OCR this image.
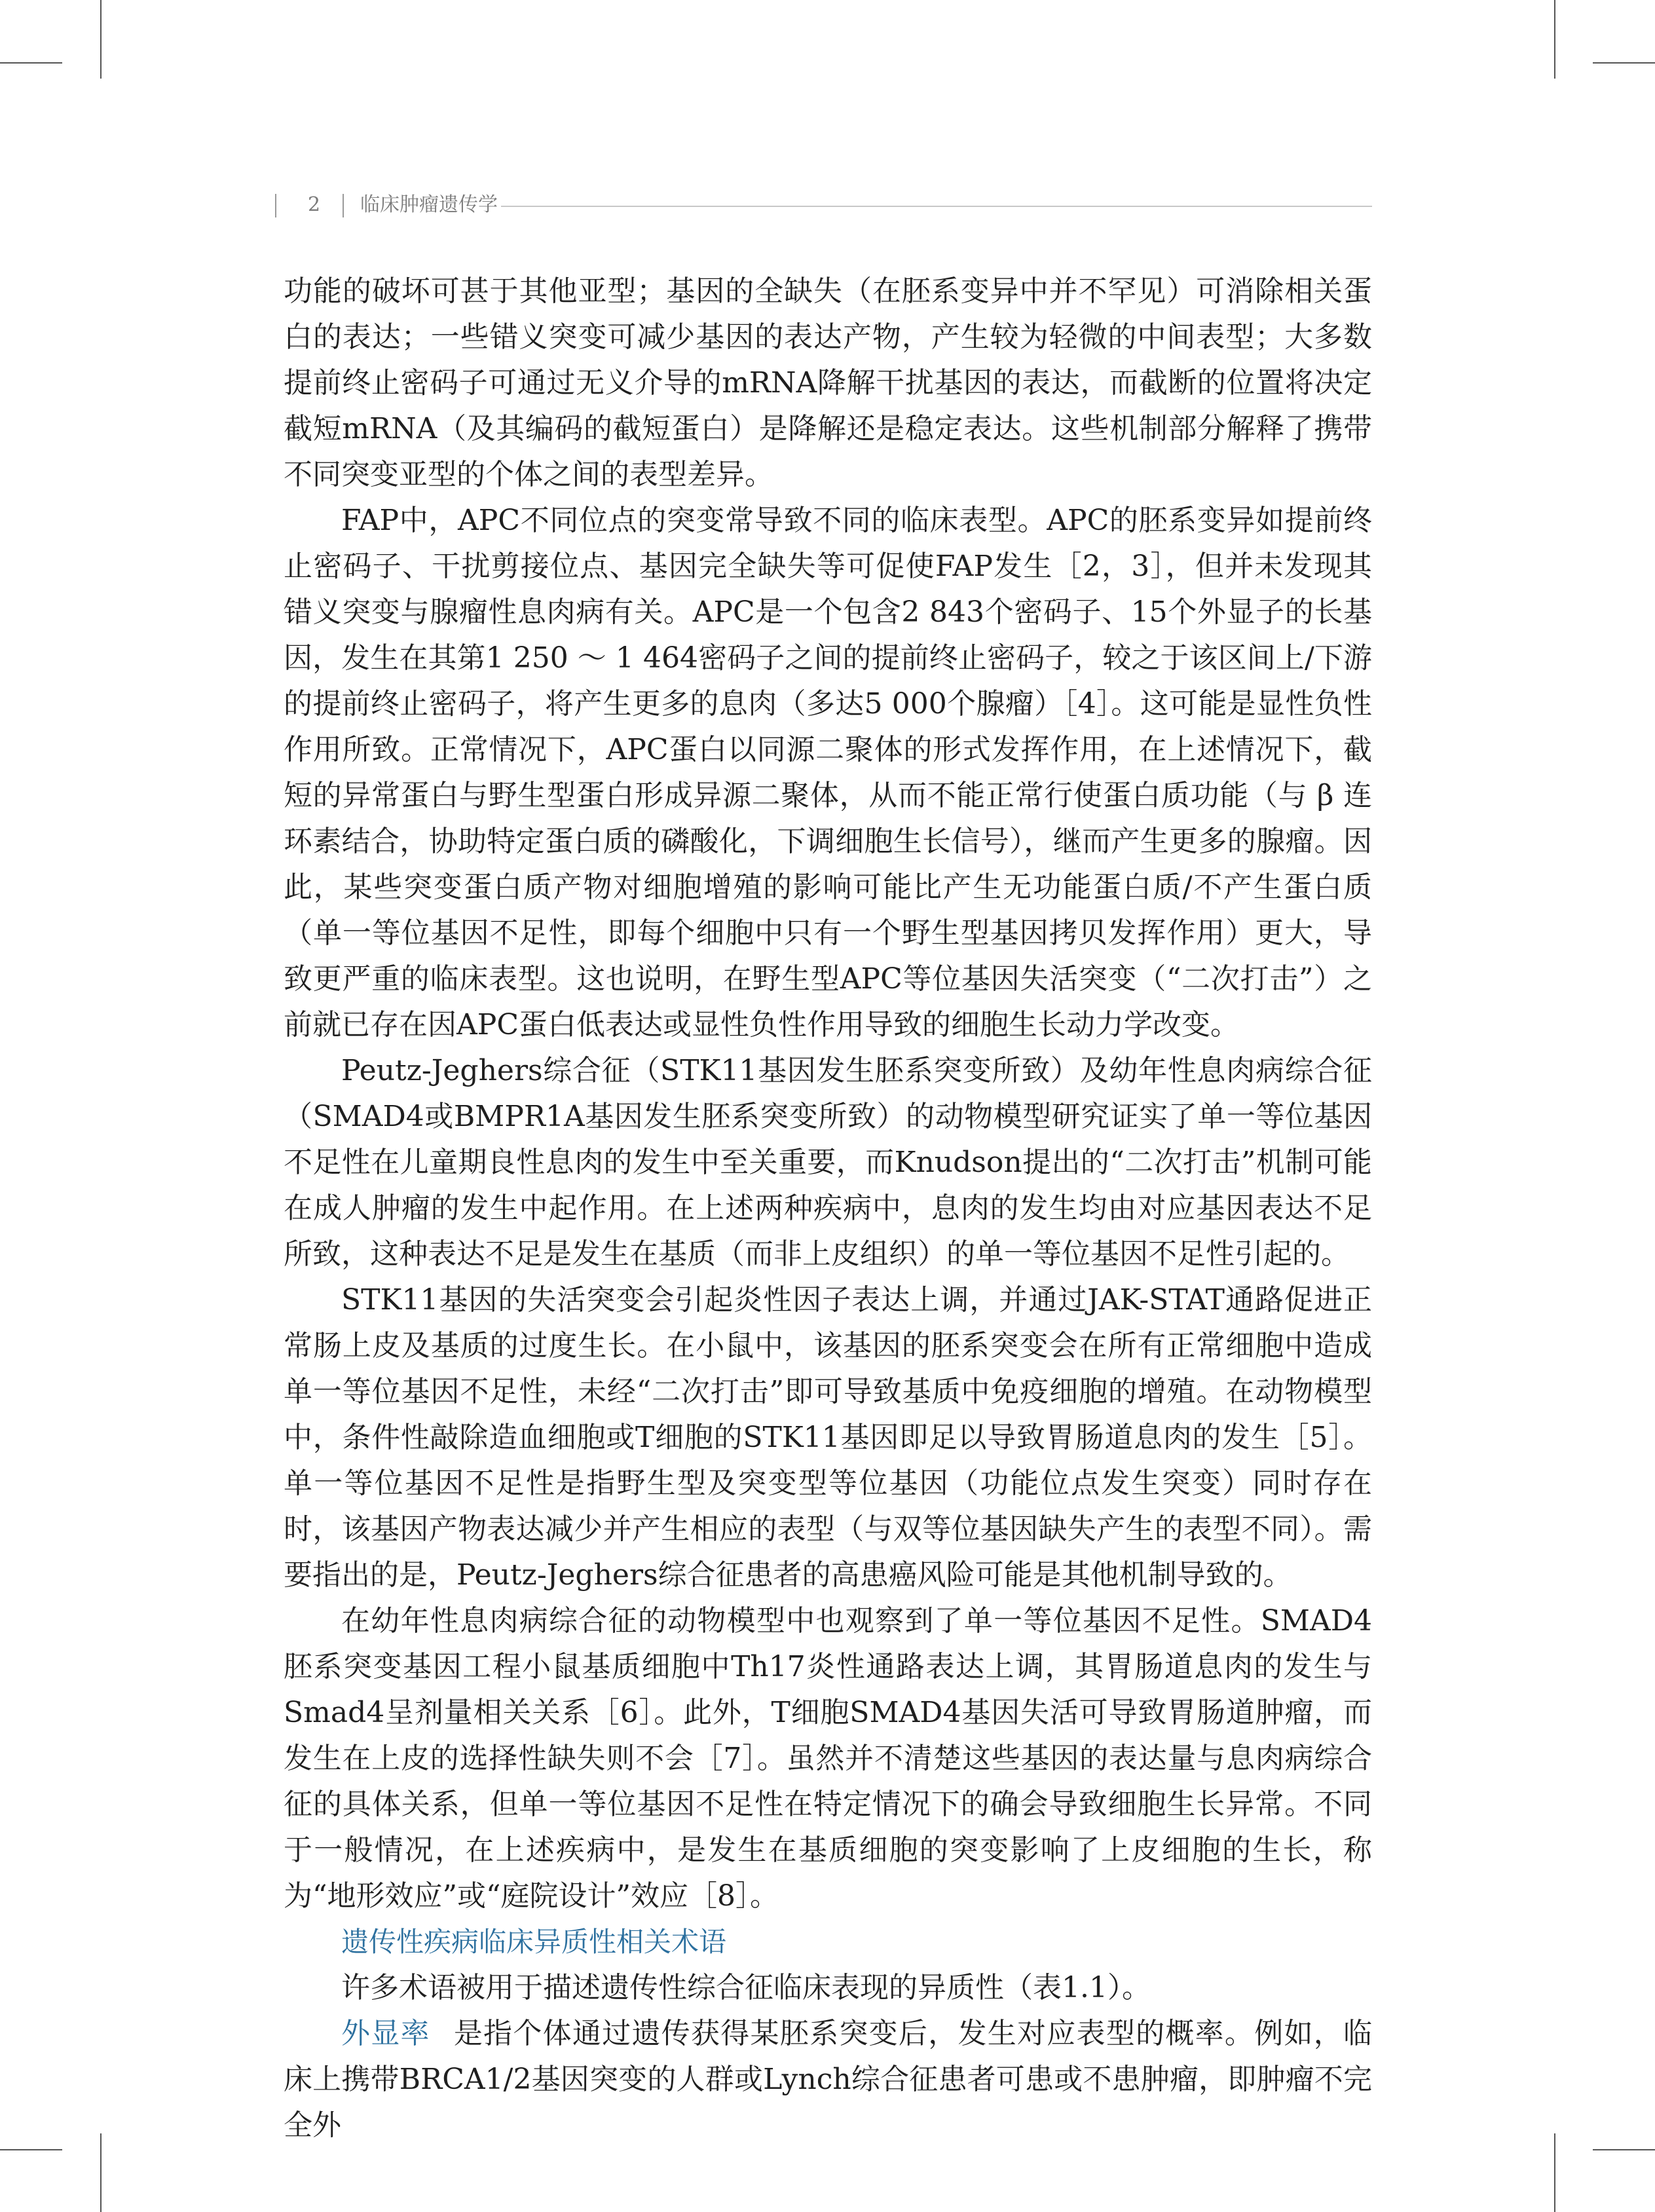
2 临床肿瘤遗传学

功能的破坏可甚于其他亚型；基因的全缺失（在胚系变异中并不罕见）可消除相关蛋白的表达；一些错义突变可减少基因的表达产物，产生较为轻微的中间表型；大多数提前终止密码子可通过无义介导的mRNA降解干扰基因的表达，而截断的位置将决定截短mRNA（及其编码的截短蛋白）是降解还是稳定表达。这些机制部分解释了携带不同突变亚型的个体之间的表型差异。

FAP中，APC不同位点的突变常导致不同的临床表型。APC的胚系变异如提前终止密码子、干扰剪接位点、基因完全缺失等可促使FAP发生［2，3］，但并未发现其错义突变与腺瘤性息肉病有关。APC是一个包含2 843个密码子、15个外显子的长基因，发生在其第1 250 ～ 1 464密码子之间的提前终止密码子，较之于该区间上/下游的提前终止密码子，将产生更多的息肉（多达5 000个腺瘤）［4］。这可能是显性负性作用所致。正常情况下，APC蛋白以同源二聚体的形式发挥作用，在上述情况下，截短的异常蛋白与野生型蛋白形成异源二聚体，从而不能正常行使蛋白质功能（与 β 连环素结合，协助特定蛋白质的磷酸化，下调细胞生长信号），继而产生更多的腺瘤。因此，某些突变蛋白质产物对细胞增殖的影响可能比产生无功能蛋白质/不产生蛋白质（单一等位基因不足性，即每个细胞中只有一个野生型基因拷贝发挥作用）更大，导致更严重的临床表型。这也说明，在野生型APC等位基因失活突变（“二次打击”）之前就已存在因APC蛋白低表达或显性负性作用导致的细胞生长动力学改变。

Peutz-Jeghers综合征（STK11基因发生胚系突变所致）及幼年性息肉病综合征（SMAD4或BMPR1A基因发生胚系突变所致）的动物模型研究证实了单一等位基因不足性在儿童期良性息肉的发生中至关重要，而Knudson提出的“二次打击”机制可能在成人肿瘤的发生中起作用。在上述两种疾病中，息肉的发生均由对应基因表达不足所致，这种表达不足是发生在基质（而非上皮组织）的单一等位基因不足性引起的。

STK11基因的失活突变会引起炎性因子表达上调，并通过JAK-STAT通路促进正常肠上皮及基质的过度生长。在小鼠中，该基因的胚系突变会在所有正常细胞中造成单一等位基因不足性，未经“二次打击”即可导致基质中免疫细胞的增殖。在动物模型中，条件性敲除造血细胞或T细胞的STK11基因即足以导致胃肠道息肉的发生［5］。单一等位基因不足性是指野生型及突变型等位基因（功能位点发生突变）同时存在时，该基因产物表达减少并产生相应的表型（与双等位基因缺失产生的表型不同）。需要指出的是，Peutz-Jeghers综合征患者的高患癌风险可能是其他机制导致的。

在幼年性息肉病综合征的动物模型中也观察到了单一等位基因不足性。SMAD4胚系突变基因工程小鼠基质细胞中Th17炎性通路表达上调，其胃肠道息肉的发生与Smad4呈剂量相关关系［6］。此外，T细胞SMAD4基因失活可导致胃肠道肿瘤，而发生在上皮的选择性缺失则不会［7］。虽然并不清楚这些基因的表达量与息肉病综合征的具体关系，但单一等位基因不足性在特定情况下的确会导致细胞生长异常。不同于一般情况，在上述疾病中，是发生在基质细胞的突变影响了上皮细胞的生长，称为“地形效应”或“庭院设计”效应［8］。

遗传性疾病临床异质性相关术语

许多术语被用于描述遗传性综合征临床表现的异质性（表1.1）。

外显率 是指个体通过遗传获得某胚系突变后，发生对应表型的概率。例如，临床上携带BRCA1/2基因突变的人群或Lynch综合征患者可患或不患肿瘤，即肿瘤不完全外
